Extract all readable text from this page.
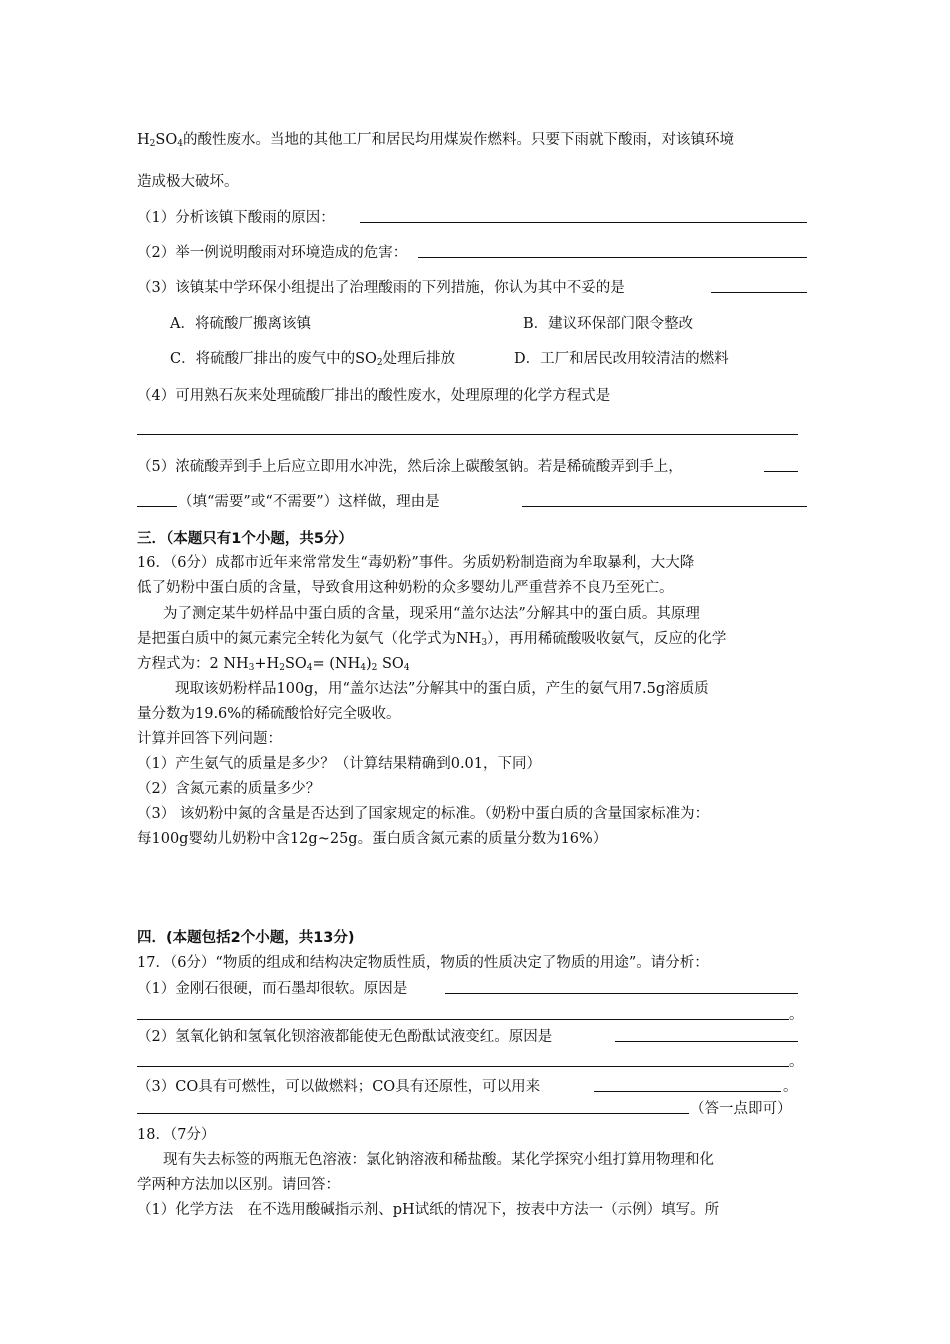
$H_2SO_4$的酸性废水。当地的其他工厂和居民均用煤炭作燃料。只要下雨就下酸雨，对该镇环境
造成极大破坏。
（1）分析该镇下酸雨的原因：
（2）举一例说明酸雨对环境造成的危害：
（3）该镇某中学环保小组提出了治理酸雨的下列措施，你认为其中不妥的是
A．将硫酸厂搬离该镇	B．建议环保部门限令整改
C．将硫酸厂排出的废气中的$SO_2$处理后排放	D．工厂和居民改用较清洁的燃料
（4）可用熟石灰来处理硫酸厂排出的酸性废水，处理原理的化学方程式是
（5）浓硫酸弄到手上后应立即用水冲洗，然后涂上碳酸氢钠。若是稀硫酸弄到手上，
（填“需要”或“不需要”）这样做，理由是
三．（本题只有1个小题，共5分）
16．（6分）成都市近年来常常发生“毒奶粉”事件。劣质奶粉制造商为牟取暴利，大大降
低了奶粉中蛋白质的含量，导致食用这种奶粉的众多婴幼儿严重营养不良乃至死亡。
为了测定某牛奶样品中蛋白质的含量，现采用“盖尔达法”分解其中的蛋白质。其原理
是把蛋白质中的氮元素完全转化为氨气（化学式为$NH_3$），再用稀硫酸吸收氨气，反应的化学
方程式为：2 $NH_3+H_2SO_4= (NH_4)_2$ $SO_4$
现取该奶粉样品100g，用“盖尔达法”分解其中的蛋白质，产生的氨气用7.5g溶质质
量分数为19.6%的稀硫酸恰好完全吸收。
计算并回答下列问题：
（1）产生氨气的质量是多少？（计算结果精确到0.01，下同）
（2）含氮元素的质量多少？
（3） 该奶粉中氮的含量是否达到了国家规定的标准。（奶粉中蛋白质的含量国家标准为：
每100g婴幼儿奶粉中含12g~25g。蛋白质含氮元素的质量分数为16%）
四．(本题包括2个小题，共13分)
17．（6分）“物质的组成和结构决定物质性质，物质的性质决定了物质的用途”。请分析：
（1）金刚石很硬，而石墨却很软。原因是
。
（2）氢氧化钠和氢氧化钡溶液都能使无色酚酞试液变红。原因是
。
（3）CO具有可燃性，可以做燃料；CO具有还原性，可以用来	。
（答一点即可）
18．（7分）
现有失去标签的两瓶无色溶液：氯化钠溶液和稀盐酸。某化学探究小组打算用物理和化
学两种方法加以区别。请回答：
（1）化学方法　在不选用酸碱指示剂、pH试纸的情况下，按表中方法一（示例）填写。所
